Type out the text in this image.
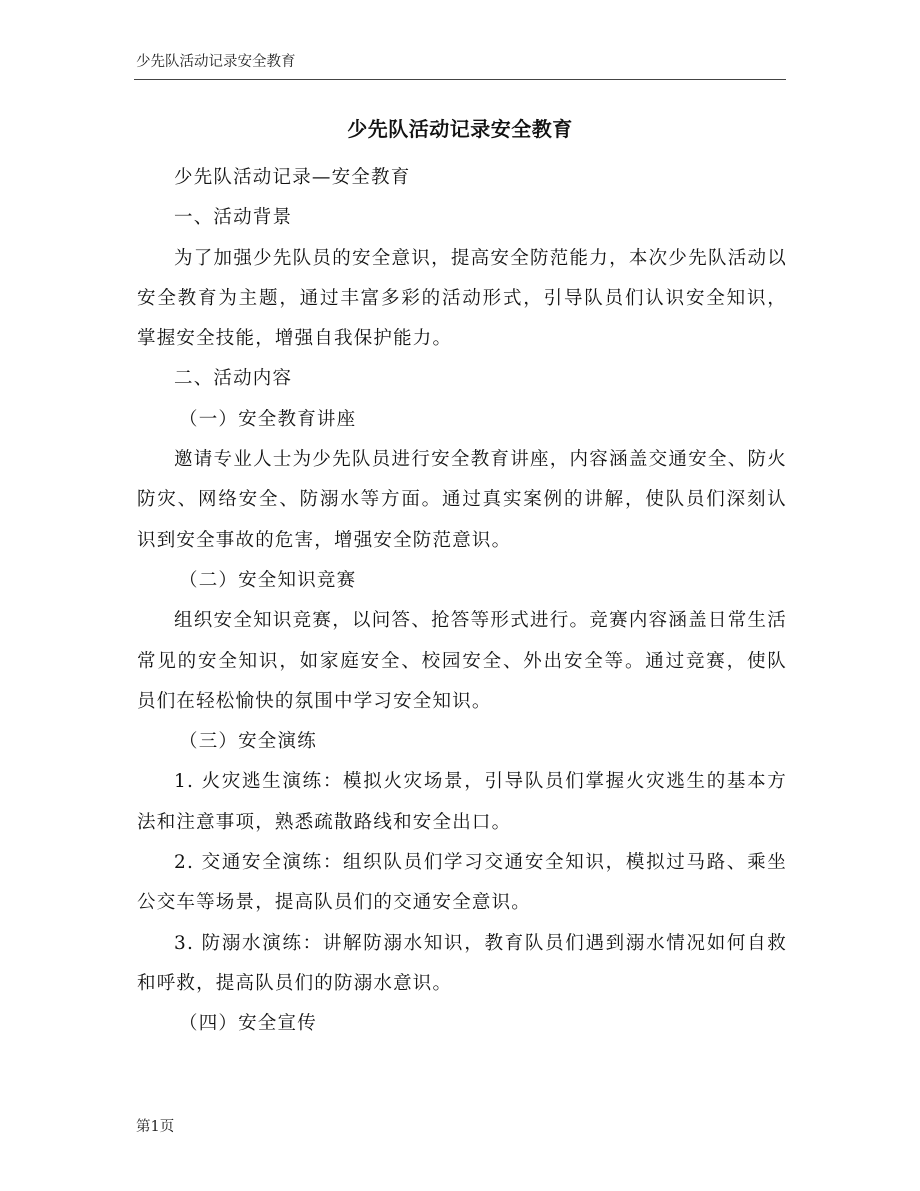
少先队活动记录安全教育
少先队活动记录安全教育

少先队活动记录—安全教育

一、活动背景

为了加强少先队员的安全意识，提高安全防范能力，本次少先队活动以安全教育为主题，通过丰富多彩的活动形式，引导队员们认识安全知识，掌握安全技能，增强自我保护能力。

二、活动内容

（一）安全教育讲座

邀请专业人士为少先队员进行安全教育讲座，内容涵盖交通安全、防火防灾、网络安全、防溺水等方面。通过真实案例的讲解，使队员们深刻认识到安全事故的危害，增强安全防范意识。

（二）安全知识竞赛

组织安全知识竞赛，以问答、抢答等形式进行。竞赛内容涵盖日常生活常见的安全知识，如家庭安全、校园安全、外出安全等。通过竞赛，使队员们在轻松愉快的氛围中学习安全知识。

（三）安全演练

1. 火灾逃生演练：模拟火灾场景，引导队员们掌握火灾逃生的基本方法和注意事项，熟悉疏散路线和安全出口。

2. 交通安全演练：组织队员们学习交通安全知识，模拟过马路、乘坐公交车等场景，提高队员们的交通安全意识。

3. 防溺水演练：讲解防溺水知识，教育队员们遇到溺水情况如何自救和呼救，提高队员们的防溺水意识。

（四）安全宣传

第1页
